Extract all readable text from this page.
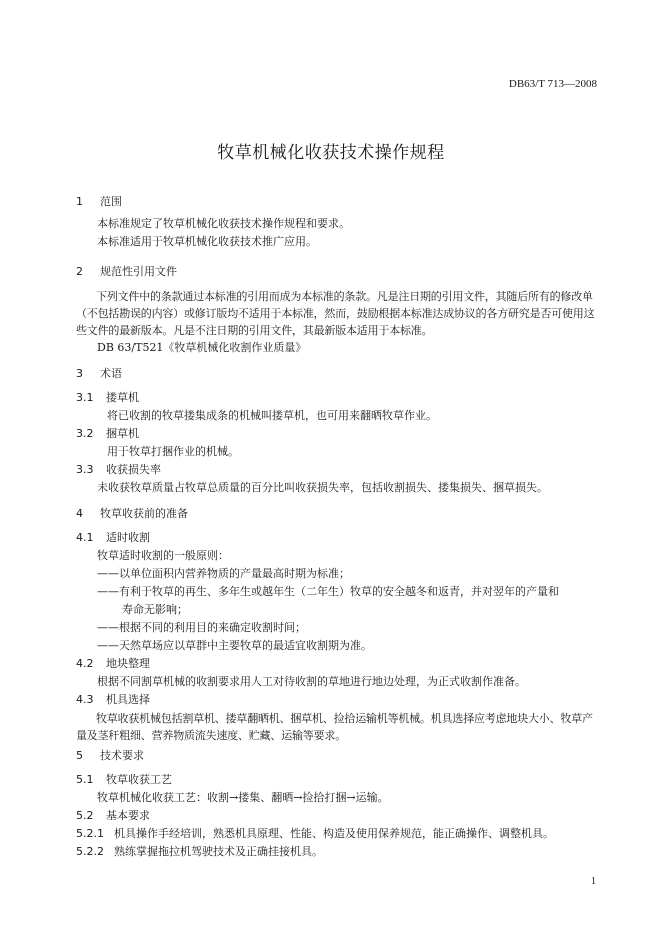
DB63/T 713—2008
牧草机械化收获技术操作规程
1 范围
本标准规定了牧草机械化收获技术操作规程和要求。
本标准适用于牧草机械化收获技术推广应用。
2 规范性引用文件
下列文件中的条款通过本标准的引用而成为本标准的条款。凡是注日期的引用文件，其随后所有的修改单（不包括勘误的内容）或修订版均不适用于本标准，然而，鼓励根据本标准达成协议的各方研究是否可使用这些文件的最新版本。凡是不注日期的引用文件，其最新版本适用于本标准。
DB 63/T521《牧草机械化收割作业质量》
3 术语
3.1 搂草机
将已收割的牧草搂集成条的机械叫搂草机，也可用来翻晒牧草作业。
3.2 捆草机
用于牧草打捆作业的机械。
3.3 收获损失率
未收获牧草质量占牧草总质量的百分比叫收获损失率，包括收割损失、搂集损失、捆草损失。
4 牧草收获前的准备
4.1 适时收割
牧草适时收割的一般原则：
——以单位面积内营养物质的产量最高时期为标准；
——有利于牧草的再生、多年生或越年生（二年生）牧草的安全越冬和返青，并对翌年的产量和
寿命无影响；
——根据不同的利用目的来确定收割时间；
——天然草场应以草群中主要牧草的最适宜收割期为准。
4.2 地块整理
根据不同割草机械的收割要求用人工对待收割的草地进行地边处理，为正式收割作准备。
4.3 机具选择
牧草收获机械包括割草机、搂草翻晒机、捆草机、捡拾运输机等机械。机具选择应考虑地块大小、牧草产量及茎秆粗细、营养物质流失速度、贮藏、运输等要求。
5 技术要求
5.1 牧草收获工艺
牧草机械化收获工艺：收割→搂集、翻晒→捡拾打捆→运输。
5.2 基本要求
5.2.1 机具操作手经培训，熟悉机具原理、性能、构造及使用保养规范，能正确操作、调整机具。
5.2.2 熟练掌握拖拉机驾驶技术及正确挂接机具。
1
